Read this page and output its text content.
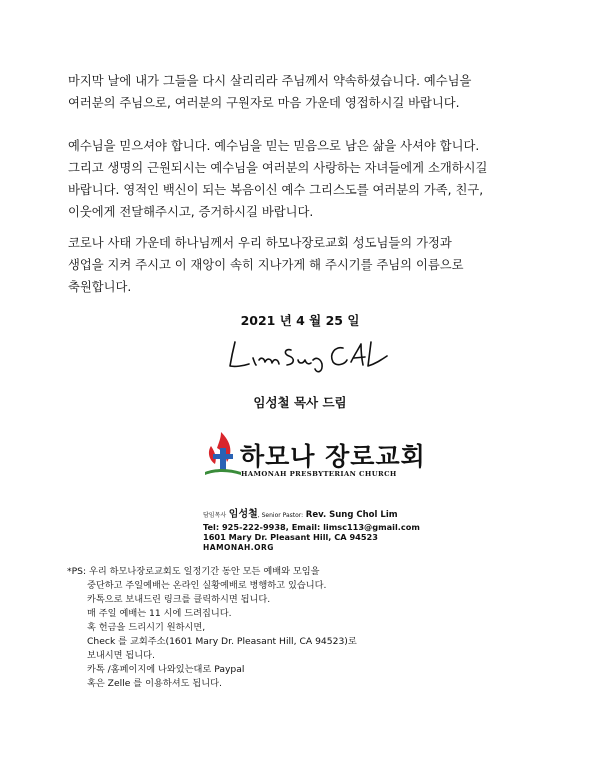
마지막 날에 내가 그들을 다시 살리리라 주님께서 약속하셨습니다. 예수님을
여러분의 주님으로, 여러분의 구원자로 마음 가운데 영접하시길 바랍니다.
예수님을 믿으셔야 합니다. 예수님을 믿는 믿음으로 남은 삶을 사셔야 합니다.
그리고 생명의 근원되시는 예수님을 여러분의 사랑하는 자녀들에게 소개하시길
바랍니다. 영적인 백신이 되는 복음이신 예수 그리스도를 여러분의 가족, 친구,
이웃에게 전달해주시고, 증거하시길 바랍니다.
코로나 사태 가운데 하나님께서 우리 하모나장로교회 성도님들의 가정과
생업을 지켜 주시고 이 재앙이 속히 지나가게 해 주시기를 주님의 이름으로
축원합니다.
2021 년 4 월 25 일
임성철 목사 드림
하모나 장로교회
HAMONAH PRESBYTERIAN CHURCH
담임목사 임성철, Senior Pastor: Rev. Sung Chol Lim
Tel: 925-222-9938, Email: limsc113@gmail.com
1601 Mary Dr. Pleasant Hill, CA 94523
HAMONAH.ORG
*PS: 우리 하모나장로교회도 일정기간 동안 모든 예배와 모임을
중단하고 주일예배는 온라인 실황예배로 병행하고 있습니다.
카톡으로 보내드린 링크를 클릭하시면 됩니다.
매 주일 예배는 11 시에 드려집니다.
혹 헌금을 드리시기 원하시면,
Check 를 교회주소(1601 Mary Dr. Pleasant Hill, CA 94523)로
보내시면 됩니다.
카톡 /홈페이지에 나와있는대로 Paypal
혹은 Zelle 를 이용하셔도 됩니다.
